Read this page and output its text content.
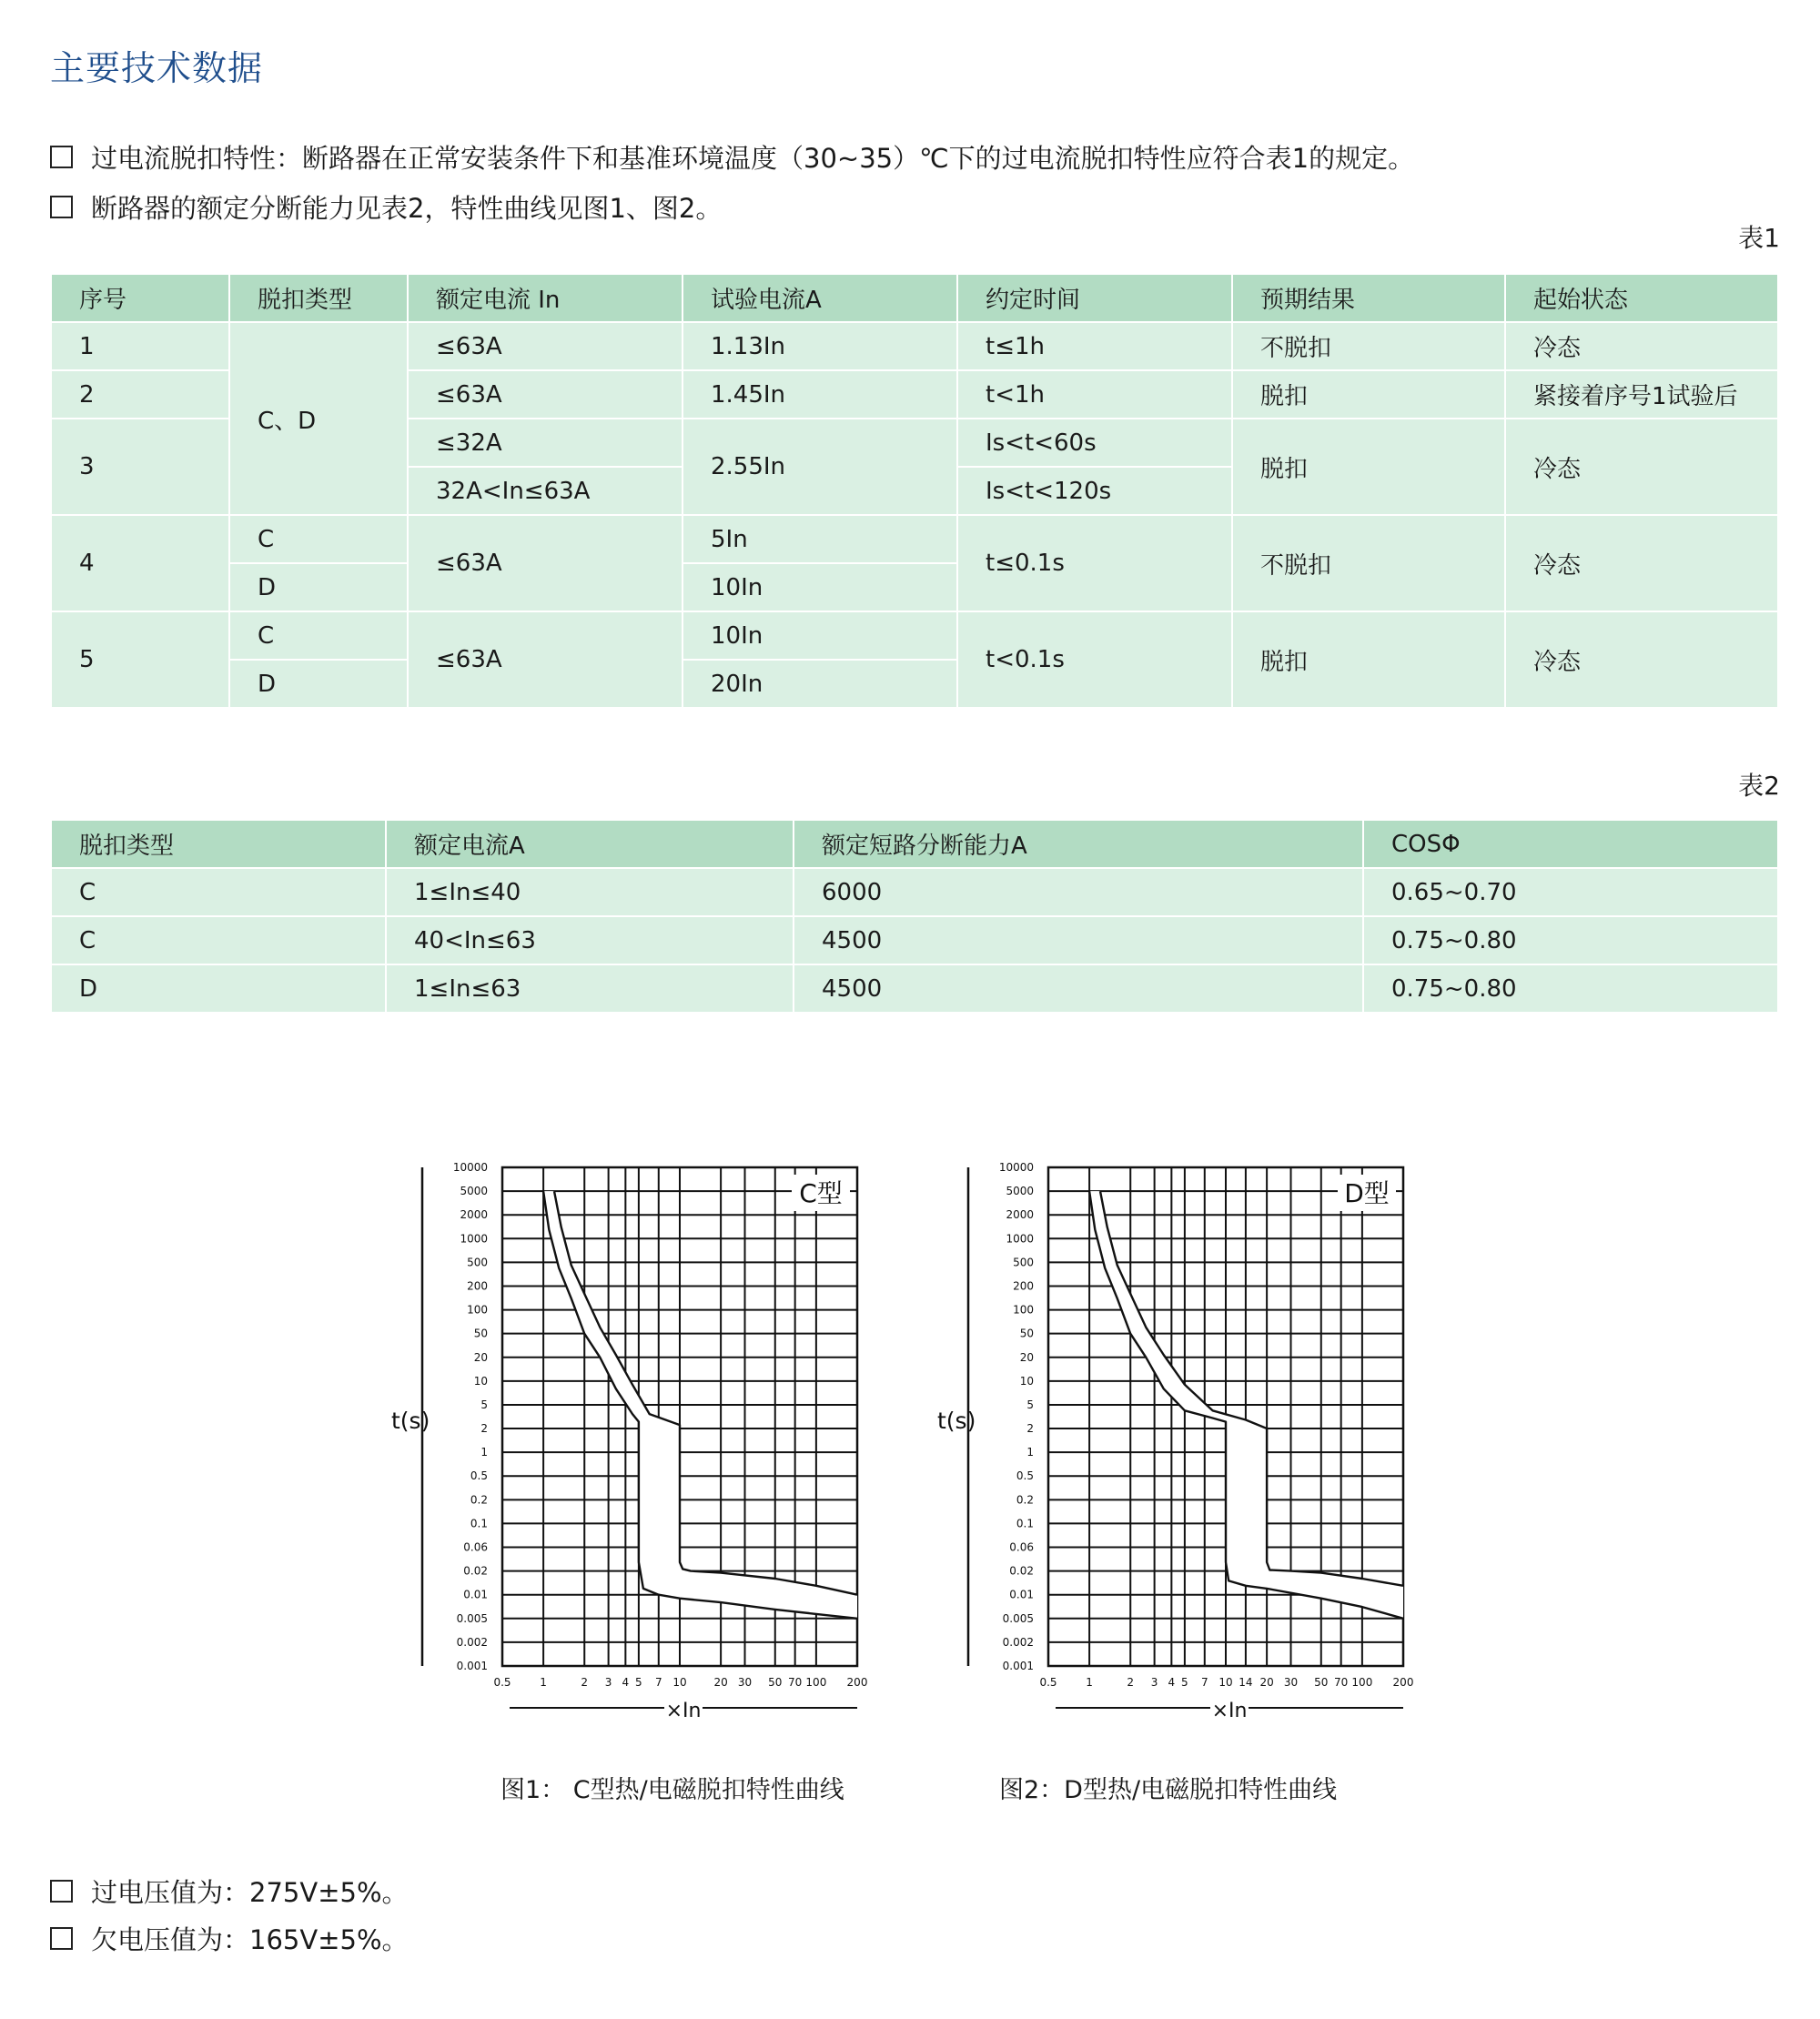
主要技术数据
过电流脱扣特性：断路器在正常安装条件下和基准环境温度（30~35）℃下的过电流脱扣特性应符合表1的规定。
断路器的额定分断能力见表2，特性曲线见图1、图2。
表1
序号	脱扣类型	额定电流 In	试验电流A	约定时间	预期结果	起始状态
1	C、D	≤63A	1.13In	t≤1h	不脱扣	冷态
2		≤63A	1.45In	t<1h	脱扣	紧接着序号1试验后
3		≤32A	2.55In	Is<t<60s	脱扣	冷态
		32A<In≤63A		Is<t<120s		
4	C	≤63A	5In	t≤0.1s	不脱扣	冷态
	D		10In			
5	C	≤63A	10In	t<0.1s	脱扣	冷态
	D		20In			
表2
脱扣类型	额定电流A	额定短路分断能力A	COSΦ
C	1≤In≤40	6000	0.65~0.70
C	40<In≤63	4500	0.75~0.80
D	1≤In≤63	4500	0.75~0.80
10000
5000
2000
1000
500
200
100
50
20
10
5
2
1
0.5
0.2
0.1
0.06
0.02
0.01
0.005
0.002
0.001
0.5	1	2 3 4 5 7 10 20 30 50 70 100 200
t(s)
×In
C型
10000
5000
2000
1000
500
200
100
50
20
10
5
2
1
0.5
0.2
0.1
0.06
0.02
0.01
0.005
0.002
0.001
0.5	1	2 3 4 5 7 10 14 20 30 50 70 100 200
t(s)
×In
D型
图1： C型热/电磁脱扣特性曲线	图2：D型热/电磁脱扣特性曲线
过电压值为：275V±5%。
欠电压值为：165V±5%。
